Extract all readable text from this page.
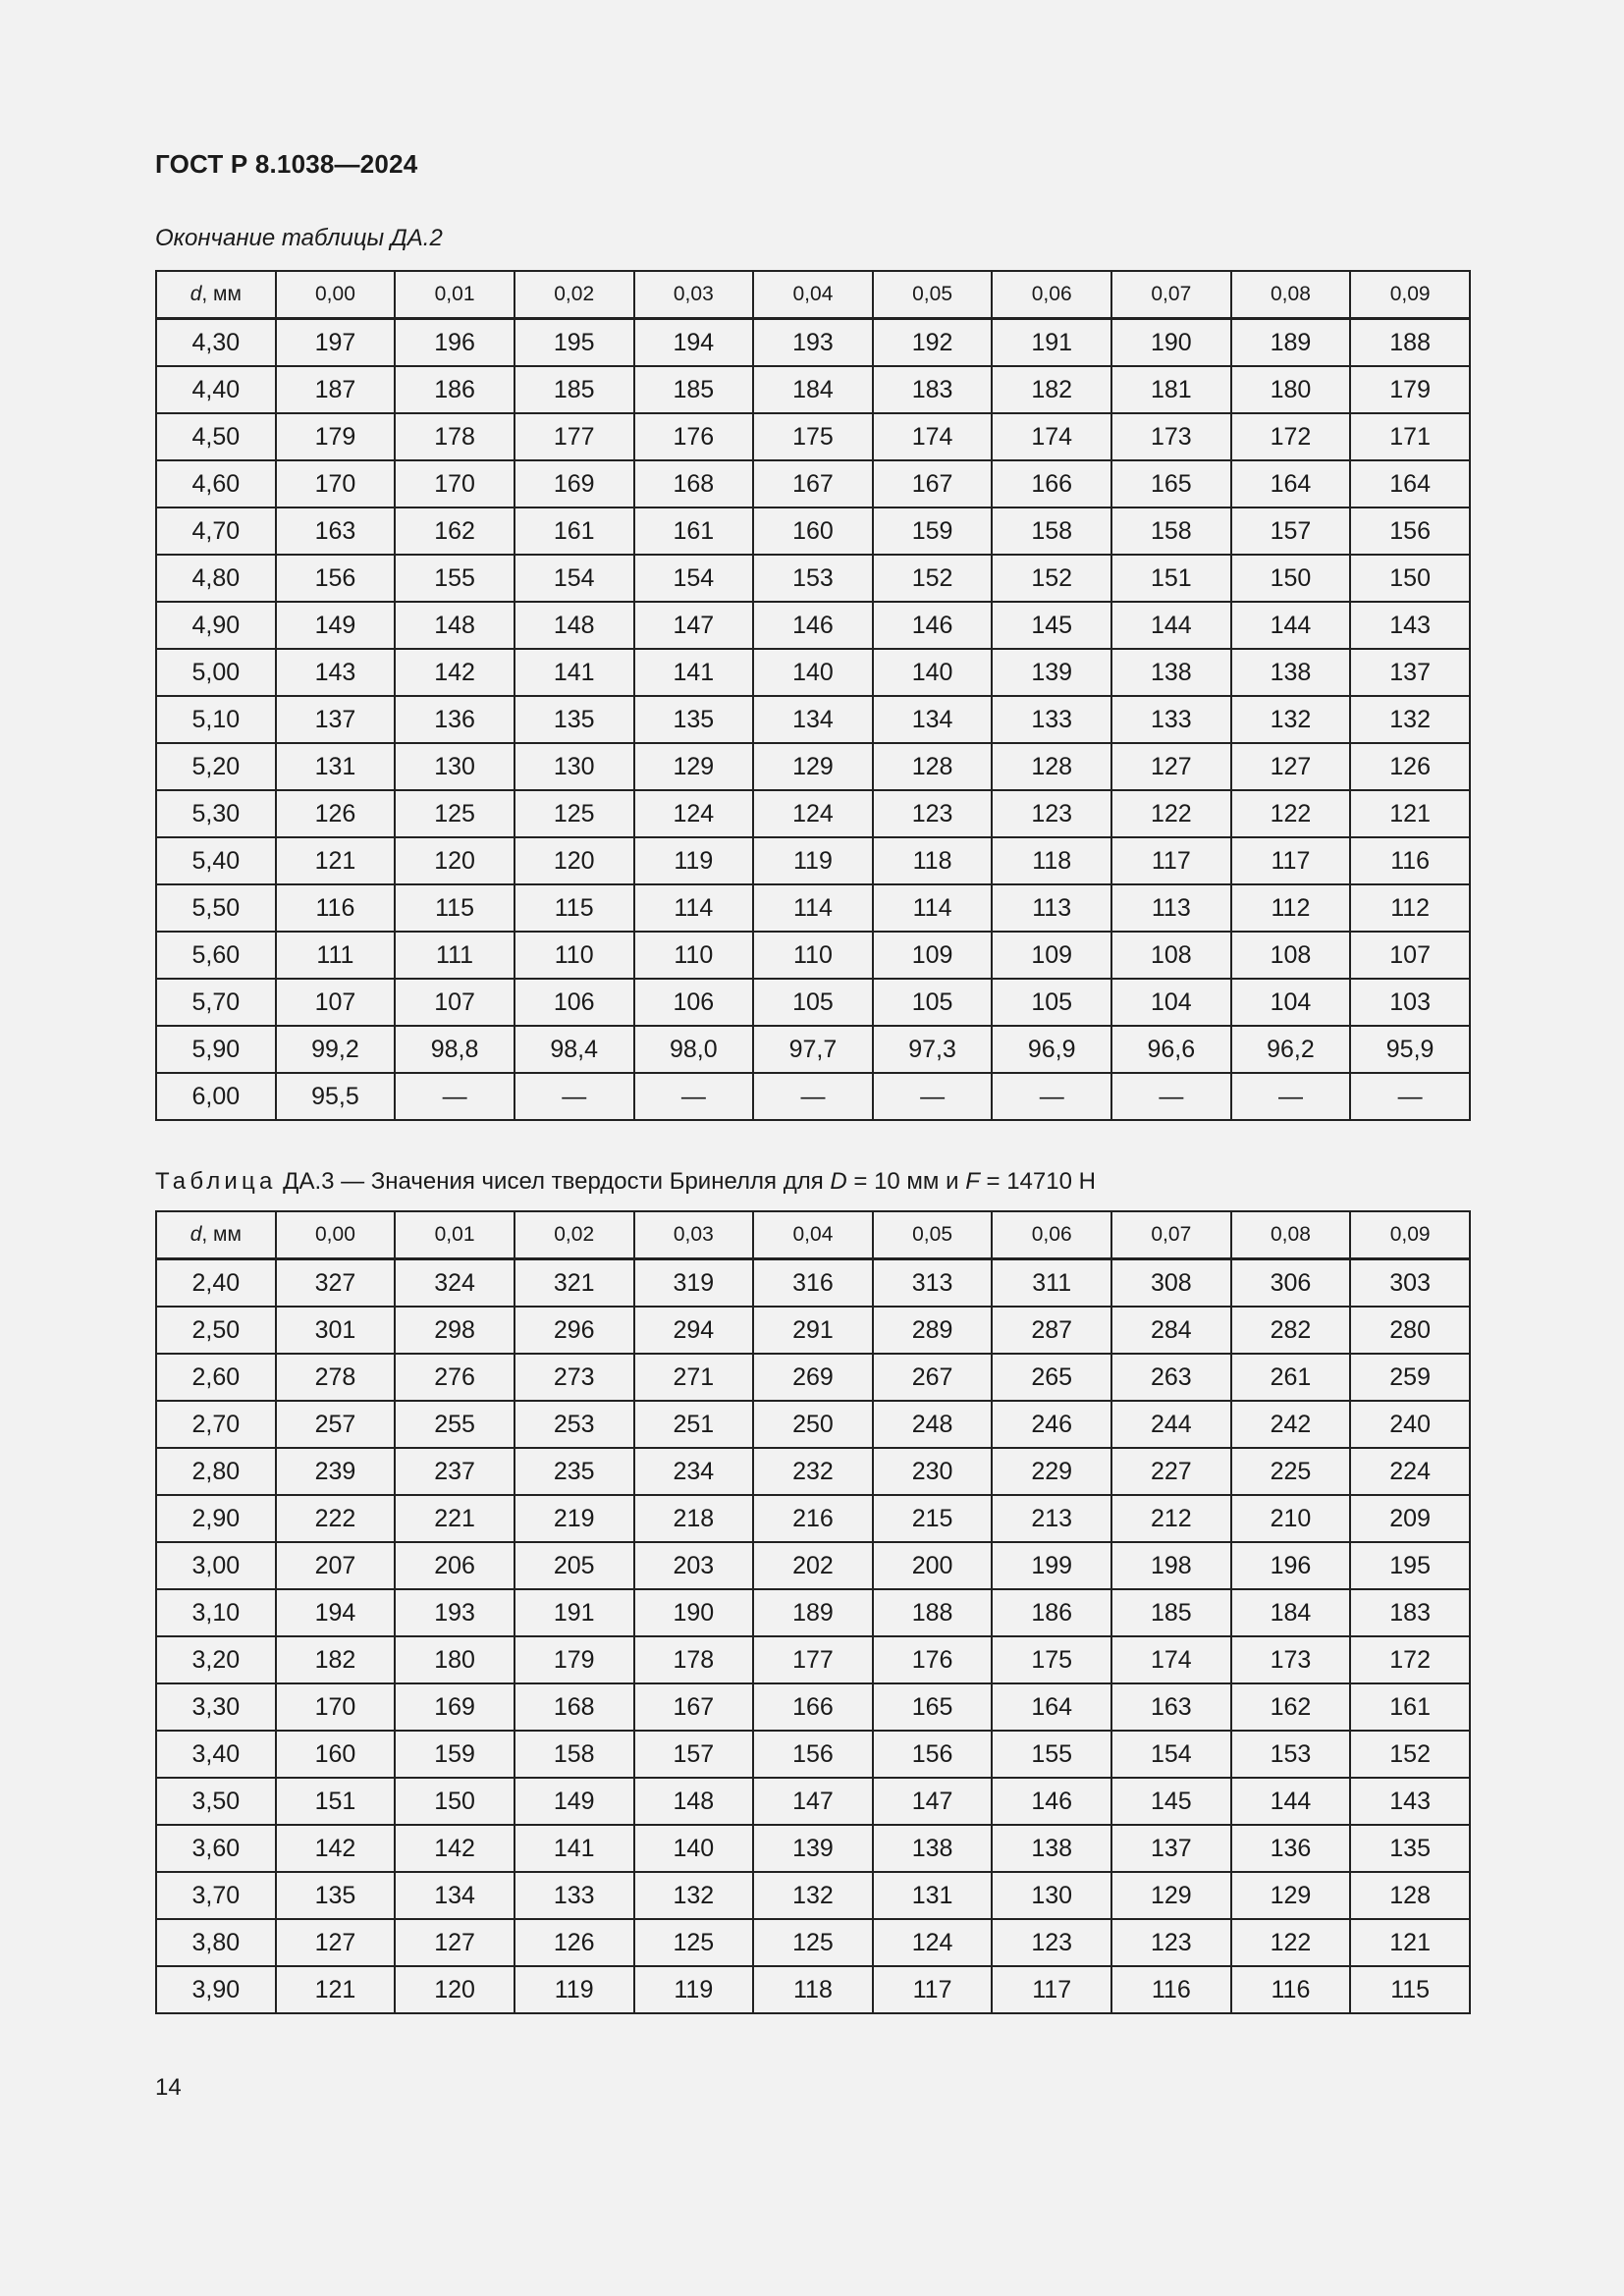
ГОСТ Р 8.1038—2024
Окончание таблицы ДА.2
d, мм	0,00	0,01	0,02	0,03	0,04	0,05	0,06	0,07	0,08	0,09
4,30	197	196	195	194	193	192	191	190	189	188
4,40	187	186	185	185	184	183	182	181	180	179
4,50	179	178	177	176	175	174	174	173	172	171
4,60	170	170	169	168	167	167	166	165	164	164
4,70	163	162	161	161	160	159	158	158	157	156
4,80	156	155	154	154	153	152	152	151	150	150
4,90	149	148	148	147	146	146	145	144	144	143
5,00	143	142	141	141	140	140	139	138	138	137
5,10	137	136	135	135	134	134	133	133	132	132
5,20	131	130	130	129	129	128	128	127	127	126
5,30	126	125	125	124	124	123	123	122	122	121
5,40	121	120	120	119	119	118	118	117	117	116
5,50	116	115	115	114	114	114	113	113	112	112
5,60	111	111	110	110	110	109	109	108	108	107
5,70	107	107	106	106	105	105	105	104	104	103
5,90	99,2	98,8	98,4	98,0	97,7	97,3	96,9	96,6	96,2	95,9
6,00	95,5	—	—	—	—	—	—	—	—	—
Таблица ДА.3 — Значения чисел твердости Бринелля для D = 10 мм и F = 14710 Н
d, мм	0,00	0,01	0,02	0,03	0,04	0,05	0,06	0,07	0,08	0,09
2,40	327	324	321	319	316	313	311	308	306	303
2,50	301	298	296	294	291	289	287	284	282	280
2,60	278	276	273	271	269	267	265	263	261	259
2,70	257	255	253	251	250	248	246	244	242	240
2,80	239	237	235	234	232	230	229	227	225	224
2,90	222	221	219	218	216	215	213	212	210	209
3,00	207	206	205	203	202	200	199	198	196	195
3,10	194	193	191	190	189	188	186	185	184	183
3,20	182	180	179	178	177	176	175	174	173	172
3,30	170	169	168	167	166	165	164	163	162	161
3,40	160	159	158	157	156	156	155	154	153	152
3,50	151	150	149	148	147	147	146	145	144	143
3,60	142	142	141	140	139	138	138	137	136	135
3,70	135	134	133	132	132	131	130	129	129	128
3,80	127	127	126	125	125	124	123	123	122	121
3,90	121	120	119	119	118	117	117	116	116	115
14
